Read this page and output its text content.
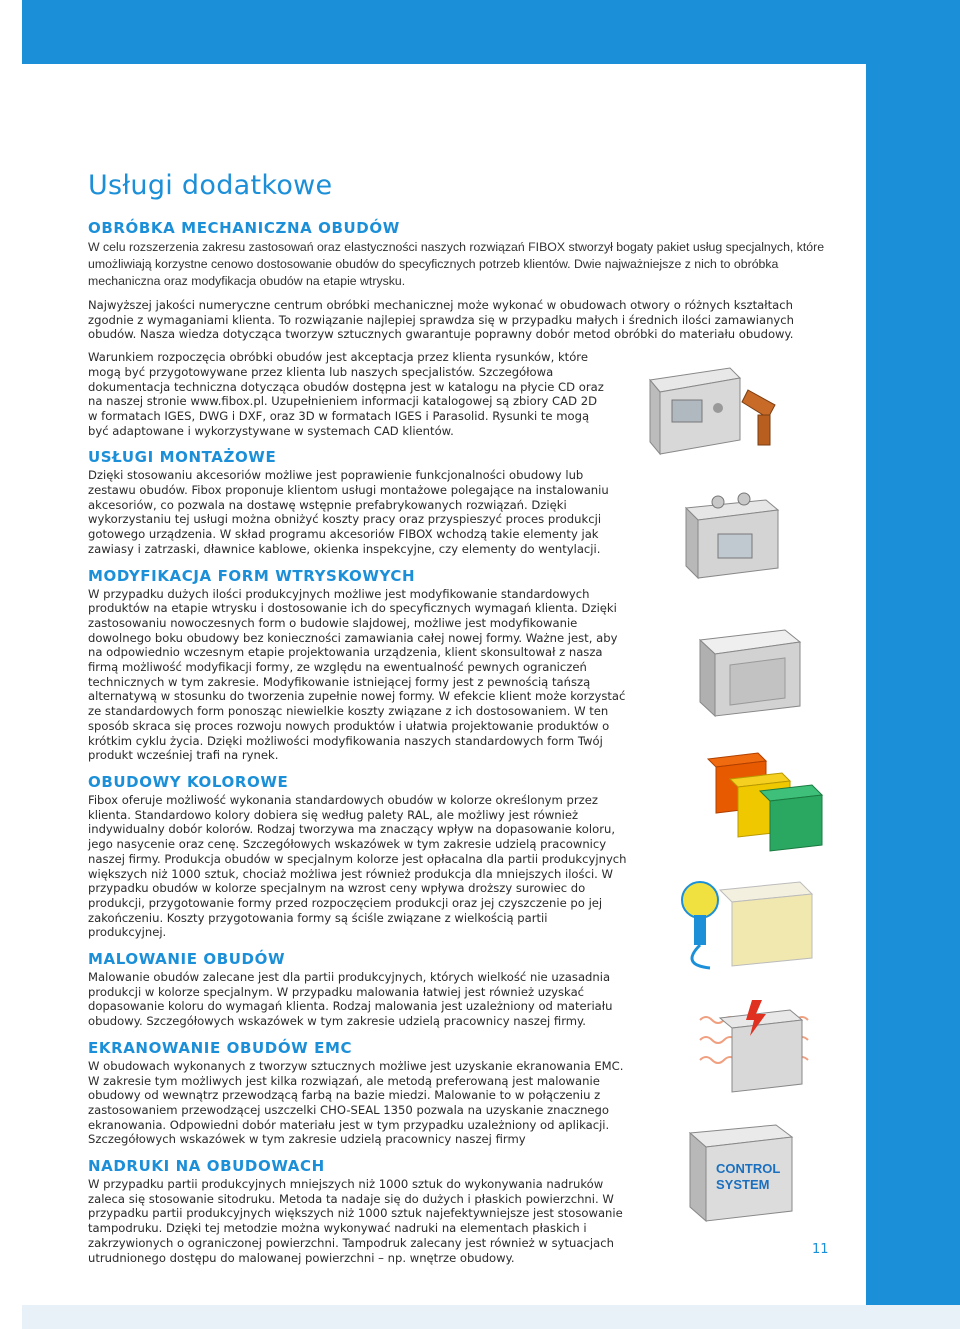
Usługi dodatkowe
OBRÓBKA MECHANICZNA OBUDÓW

W celu rozszerzenia zakresu zastosowań oraz elastyczności naszych rozwiązań FIBOX stworzył bogaty pakiet usług specjalnych, które umożliwiają korzystne cenowo dostosowanie obudów do specyficznych potrzeb klientów. Dwie najważniejsze z nich to obróbka mechaniczna oraz modyfikacja obudów na etapie wtrysku.

Najwyższej jakości numeryczne centrum obróbki mechanicznej może wykonać w obudowach otwory o różnych kształtach zgodnie z wymaganiami klienta. To rozwiązanie najlepiej sprawdza się w przypadku małych i średnich ilości zamawianych obudów. Nasza wiedza dotycząca tworzyw sztucznych gwarantuje poprawny dobór metod obróbki do materiału obudowy.

Warunkiem rozpoczęcia obróbki obudów jest akceptacja przez klienta rysunków, które mogą być przygotowywane przez klienta lub naszych specjalistów. Szczegółowa dokumentacja techniczna dotycząca obudów dostępna jest w katalogu na płycie CD oraz na naszej stronie www.fibox.pl. Uzupełnieniem informacji katalogowej są zbiory CAD 2D w formatach IGES, DWG i DXF, oraz 3D w formatach IGES i Parasolid. Rysunki te mogą być adaptowane i wykorzystywane w systemach CAD klientów.

USŁUGI MONTAŻOWE

Dzięki stosowaniu akcesoriów możliwe jest poprawienie funkcjonalności obudowy lub zestawu obudów. Fibox proponuje klientom usługi montażowe polegające na instalowaniu akcesoriów, co pozwala na dostawę wstępnie prefabrykowanych rozwiązań. Dzięki wykorzystaniu tej usługi można obniżyć koszty pracy oraz przyspieszyć proces produkcji gotowego urządzenia. W skład programu akcesoriów FIBOX wchodzą takie elementy jak zawiasy i zatrzaski, dławnice kablowe, okienka inspekcyjne, czy elementy do wentylacji.

MODYFIKACJA FORM WTRYSKOWYCH

W przypadku dużych ilości produkcyjnych możliwe jest modyfikowanie standardowych produktów na etapie wtrysku i dostosowanie ich do specyficznych wymagań klienta. Dzięki zastosowaniu nowoczesnych form o budowie slajdowej, możliwe jest modyfikowanie dowolnego boku obudowy bez konieczności zamawiania całej nowej formy. Ważne jest, aby na odpowiednio wczesnym etapie projektowania urządzenia, klient skonsultował z nasza firmą możliwość modyfikacji formy, ze względu na ewentualność pewnych ograniczeń technicznych w tym zakresie. Modyfikowanie istniejącej formy jest z pewnością tańszą alternatywą w stosunku do tworzenia zupełnie nowej formy. W efekcie klient może korzystać ze standardowych form ponosząc niewielkie koszty związane z ich dostosowaniem. W ten sposób skraca się proces rozwoju nowych produktów i ułatwia projektowanie produktów o krótkim cyklu życia. Dzięki możliwości modyfikowania naszych standardowych form Twój produkt wcześniej trafi na rynek.

OBUDOWY KOLOROWE

Fibox oferuje możliwość wykonania standardowych obudów w kolorze określonym przez klienta. Standardowo kolory dobiera się według palety RAL, ale możliwy jest również indywidualny dobór kolorów. Rodzaj tworzywa ma znaczący wpływ na dopasowanie koloru, jego nasycenie oraz cenę. Szczegółowych wskazówek w tym zakresie udzielą pracownicy naszej firmy. Produkcja obudów w specjalnym kolorze jest opłacalna dla partii produkcyjnych większych niż 1000 sztuk, chociaż możliwa jest również produkcja dla mniejszych ilości. W przypadku obudów w kolorze specjalnym na wzrost ceny wpływa droższy surowiec do produkcji, przygotowanie formy przed rozpoczęciem produkcji oraz jej czyszczenie po jej zakończeniu. Koszty przygotowania formy są ściśle związane z wielkością partii produkcyjnej.

MALOWANIE OBUDÓW

Malowanie obudów zalecane jest dla partii produkcyjnych, których wielkość nie uzasadnia produkcji w kolorze specjalnym. W przypadku malowania łatwiej jest również uzyskać dopasowanie koloru do wymagań klienta. Rodzaj malowania jest uzależniony od materiału obudowy. Szczegółowych wskazówek w tym zakresie udzielą pracownicy naszej firmy.

EKRANOWANIE OBUDÓW EMC

W obudowach wykonanych z tworzyw sztucznych możliwe jest uzyskanie ekranowania EMC. W zakresie tym możliwych jest kilka rozwiązań, ale metodą preferowaną jest malowanie obudowy od wewnątrz przewodzącą farbą na bazie miedzi. Malowanie to w połączeniu z zastosowaniem przewodzącej uszczelki CHO-SEAL 1350 pozwala na uzyskanie znacznego ekranowania. Odpowiedni dobór materiału jest w tym przypadku uzależniony od aplikacji. Szczegółowych wskazówek w tym zakresie udzielą pracownicy naszej firmy

NADRUKI NA OBUDOWACH

W przypadku partii produkcyjnych mniejszych niż 1000 sztuk do wykonywania nadruków zaleca się stosowanie sitodruku. Metoda ta nadaje się do dużych i płaskich powierzchni. W przypadku partii produkcyjnych większych niż 1000 sztuk najefektywniejsze jest stosowanie tampodruku. Dzięki tej metodzie można wykonywać nadruki na elementach płaskich i zakrzywionych o ograniczonej powierzchni. Tampodruk zalecany jest również w sytuacjach utrudnionego dostępu do malowanej powierzchni – np. wnętrze obudowy.

CONTROL
SYSTEM
11
